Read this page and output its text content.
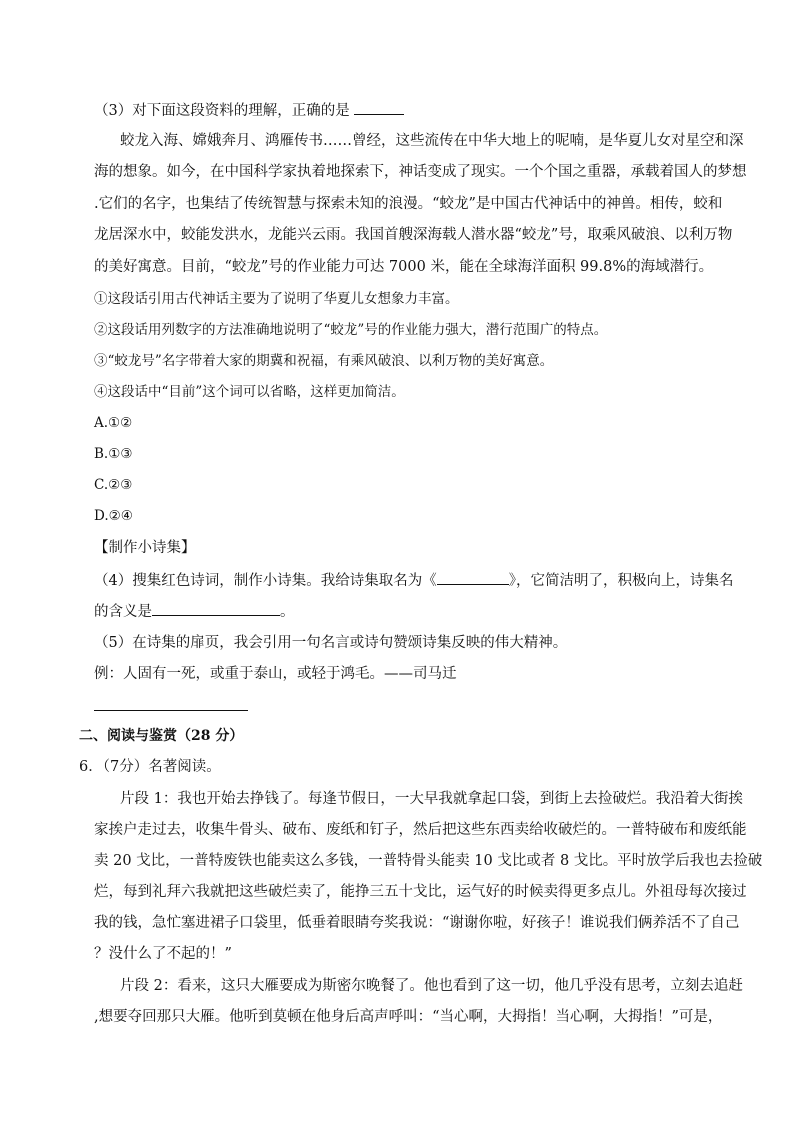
（3）对下面这段资料的理解，正确的是
蛟龙入海、嫦娥奔月、鸿雁传书……曾经，这些流传在中华大地上的呢喃，是华夏儿女对星空和深
海的想象。如今，在中国科学家执着地探索下，神话变成了现实。一个个国之重器，承载着国人的梦想
.它们的名字，也集结了传统智慧与探索未知的浪漫。“蛟龙”是中国古代神话中的神兽。相传，蛟和
龙居深水中，蛟能发洪水，龙能兴云雨。我国首艘深海载人潜水器“蛟龙”号，取乘风破浪、以利万物
的美好寓意。目前，“蛟龙”号的作业能力可达 7000 米，能在全球海洋面积 99.8%的海域潜行。
①这段话引用古代神话主要为了说明了华夏儿女想象力丰富。
②这段话用列数字的方法准确地说明了“蛟龙”号的作业能力强大，潜行范围广的特点。
③“蛟龙号”名字带着大家的期冀和祝福，有乘风破浪、以利万物的美好寓意。
④这段话中“目前”这个词可以省略，这样更加简洁。
A.①②
B.①③
C.②③
D.②④
【制作小诗集】
（4）搜集红色诗词，制作小诗集。我给诗集取名为《	》，它简洁明了，积极向上，诗集名
的含义是	。
（5）在诗集的扉页，我会引用一句名言或诗句赞颂诗集反映的伟大精神。
例：人固有一死，或重于泰山，或轻于鸿毛。——司马迁
二、阅读与鉴赏（28 分）
6．（7分）名著阅读。
片段 1：我也开始去挣钱了。每逢节假日，一大早我就拿起口袋，到街上去捡破烂。我沿着大街挨
家挨户走过去，收集牛骨头、破布、废纸和钉子，然后把这些东西卖给收破烂的。一普特破布和废纸能
卖 20 戈比，一普特废铁也能卖这么多钱，一普特骨头能卖 10 戈比或者 8 戈比。平时放学后我也去捡破
烂，每到礼拜六我就把这些破烂卖了，能挣三五十戈比，运气好的时候卖得更多点儿。外祖母每次接过
我的钱，急忙塞进裙子口袋里，低垂着眼睛夸奖我说：“谢谢你啦，好孩子！谁说我们俩养活不了自己
？没什么了不起的！”
片段 2：看来，这只大雁要成为斯密尔晚餐了。他也看到了这一切，他几乎没有思考，立刻去追赶
,想要夺回那只大雁。他听到莫顿在他身后高声呼叫：“当心啊，大拇指！当心啊，大拇指！”可是，
